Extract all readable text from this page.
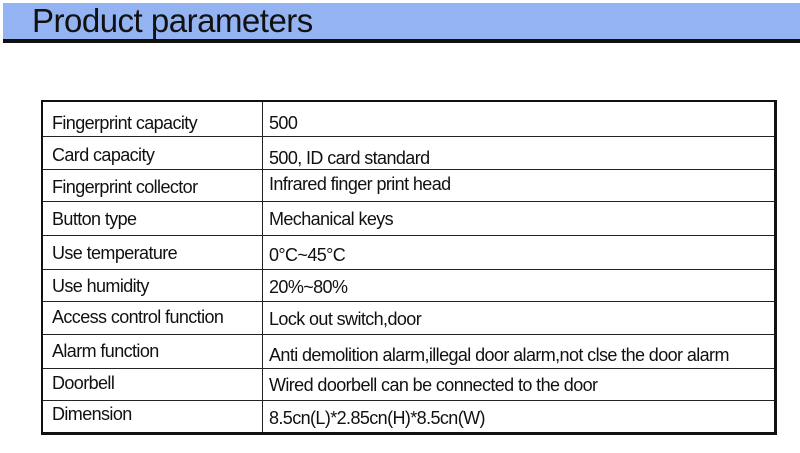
Product parameters
Fingerprint capacity	500
Card capacity	500, ID card standard
Fingerprint collector	Infrared finger print head
Button type	Mechanical keys
Use temperature	0°C~45°C
Use humidity	20%~80%
Access control function	Lock out switch,door
Alarm function	Anti demolition alarm,illegal door alarm,not clse the door alarm
Doorbell	Wired doorbell can be connected to the door
Dimension	8.5cn(L)*2.85cn(H)*8.5cn(W)
